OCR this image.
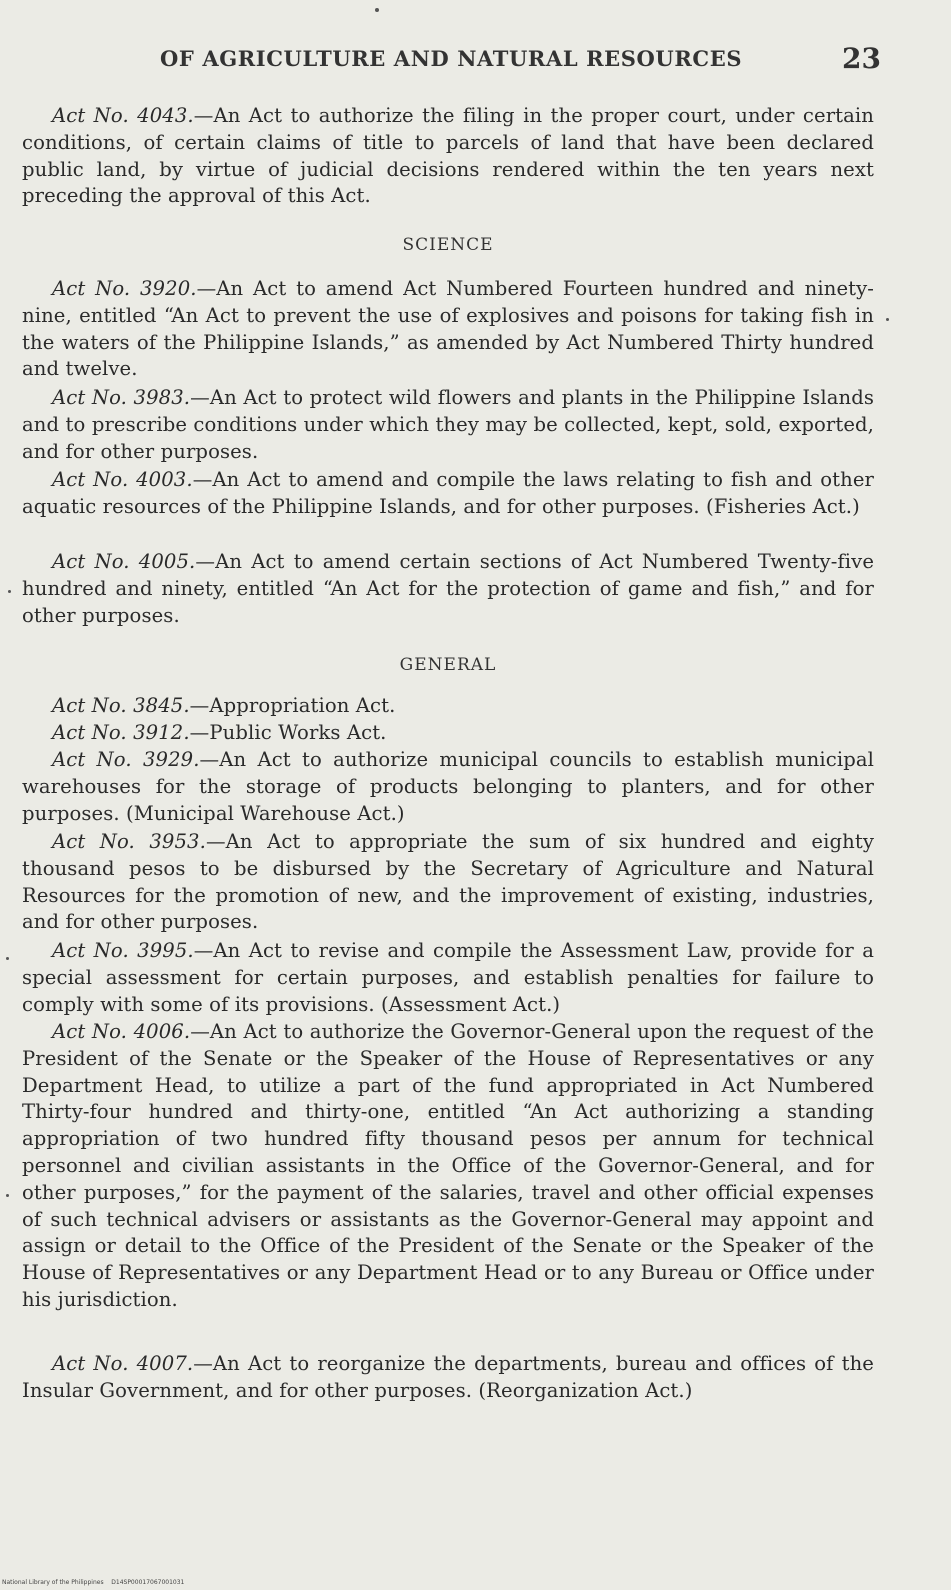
OF AGRICULTURE AND NATURAL RESOURCES	23
Act No. 4043.—An Act to authorize the filing in the proper court, under certain conditions, of certain claims of title to parcels of land that have been declared public land, by virtue of judicial decisions rendered within the ten years next preceding the approval of this Act.
SCIENCE
Act No. 3920.—An Act to amend Act Numbered Fourteen hundred and ninety-nine, entitled “An Act to prevent the use of explosives and poisons for taking fish in the waters of the Philippine Islands,” as amended by Act Numbered Thirty hundred and twelve.
Act No. 3983.—An Act to protect wild flowers and plants in the Philippine Islands and to prescribe conditions under which they may be collected, kept, sold, exported, and for other purposes.
Act No. 4003.—An Act to amend and compile the laws relating to fish and other aquatic resources of the Philippine Islands, and for other purposes. (Fisheries Act.)
Act No. 4005.—An Act to amend certain sections of Act Numbered Twenty-five hundred and ninety, entitled “An Act for the protection of game and fish,” and for other purposes.
GENERAL
Act No. 3845.—Appropriation Act.
Act No. 3912.—Public Works Act.
Act No. 3929.—An Act to authorize municipal councils to establish municipal warehouses for the storage of products belonging to planters, and for other purposes. (Municipal Warehouse Act.)
Act No. 3953.—An Act to appropriate the sum of six hundred and eighty thousand pesos to be disbursed by the Secretary of Agriculture and Natural Resources for the promotion of new, and the improvement of existing, industries, and for other purposes.
Act No. 3995.—An Act to revise and compile the Assessment Law, provide for a special assessment for certain purposes, and establish penalties for failure to comply with some of its provisions. (Assessment Act.)
Act No. 4006.—An Act to authorize the Governor-General upon the request of the President of the Senate or the Speaker of the House of Representatives or any Department Head, to utilize a part of the fund appropriated in Act Numbered Thirty-four hundred and thirty-one, entitled “An Act authorizing a standing appropriation of two hundred fifty thousand pesos per annum for technical personnel and civilian assistants in the Office of the Governor-General, and for other purposes,” for the payment of the salaries, travel and other official expenses of such technical advisers or assistants as the Governor-General may appoint and assign or detail to the Office of the President of the Senate or the Speaker of the House of Representatives or any Department Head or to any Bureau or Office under his jurisdiction.
Act No. 4007.—An Act to reorganize the departments, bureau and offices of the Insular Government, and for other purposes. (Reorganization Act.)
National Library of the Philippines D14SP00017067001031
